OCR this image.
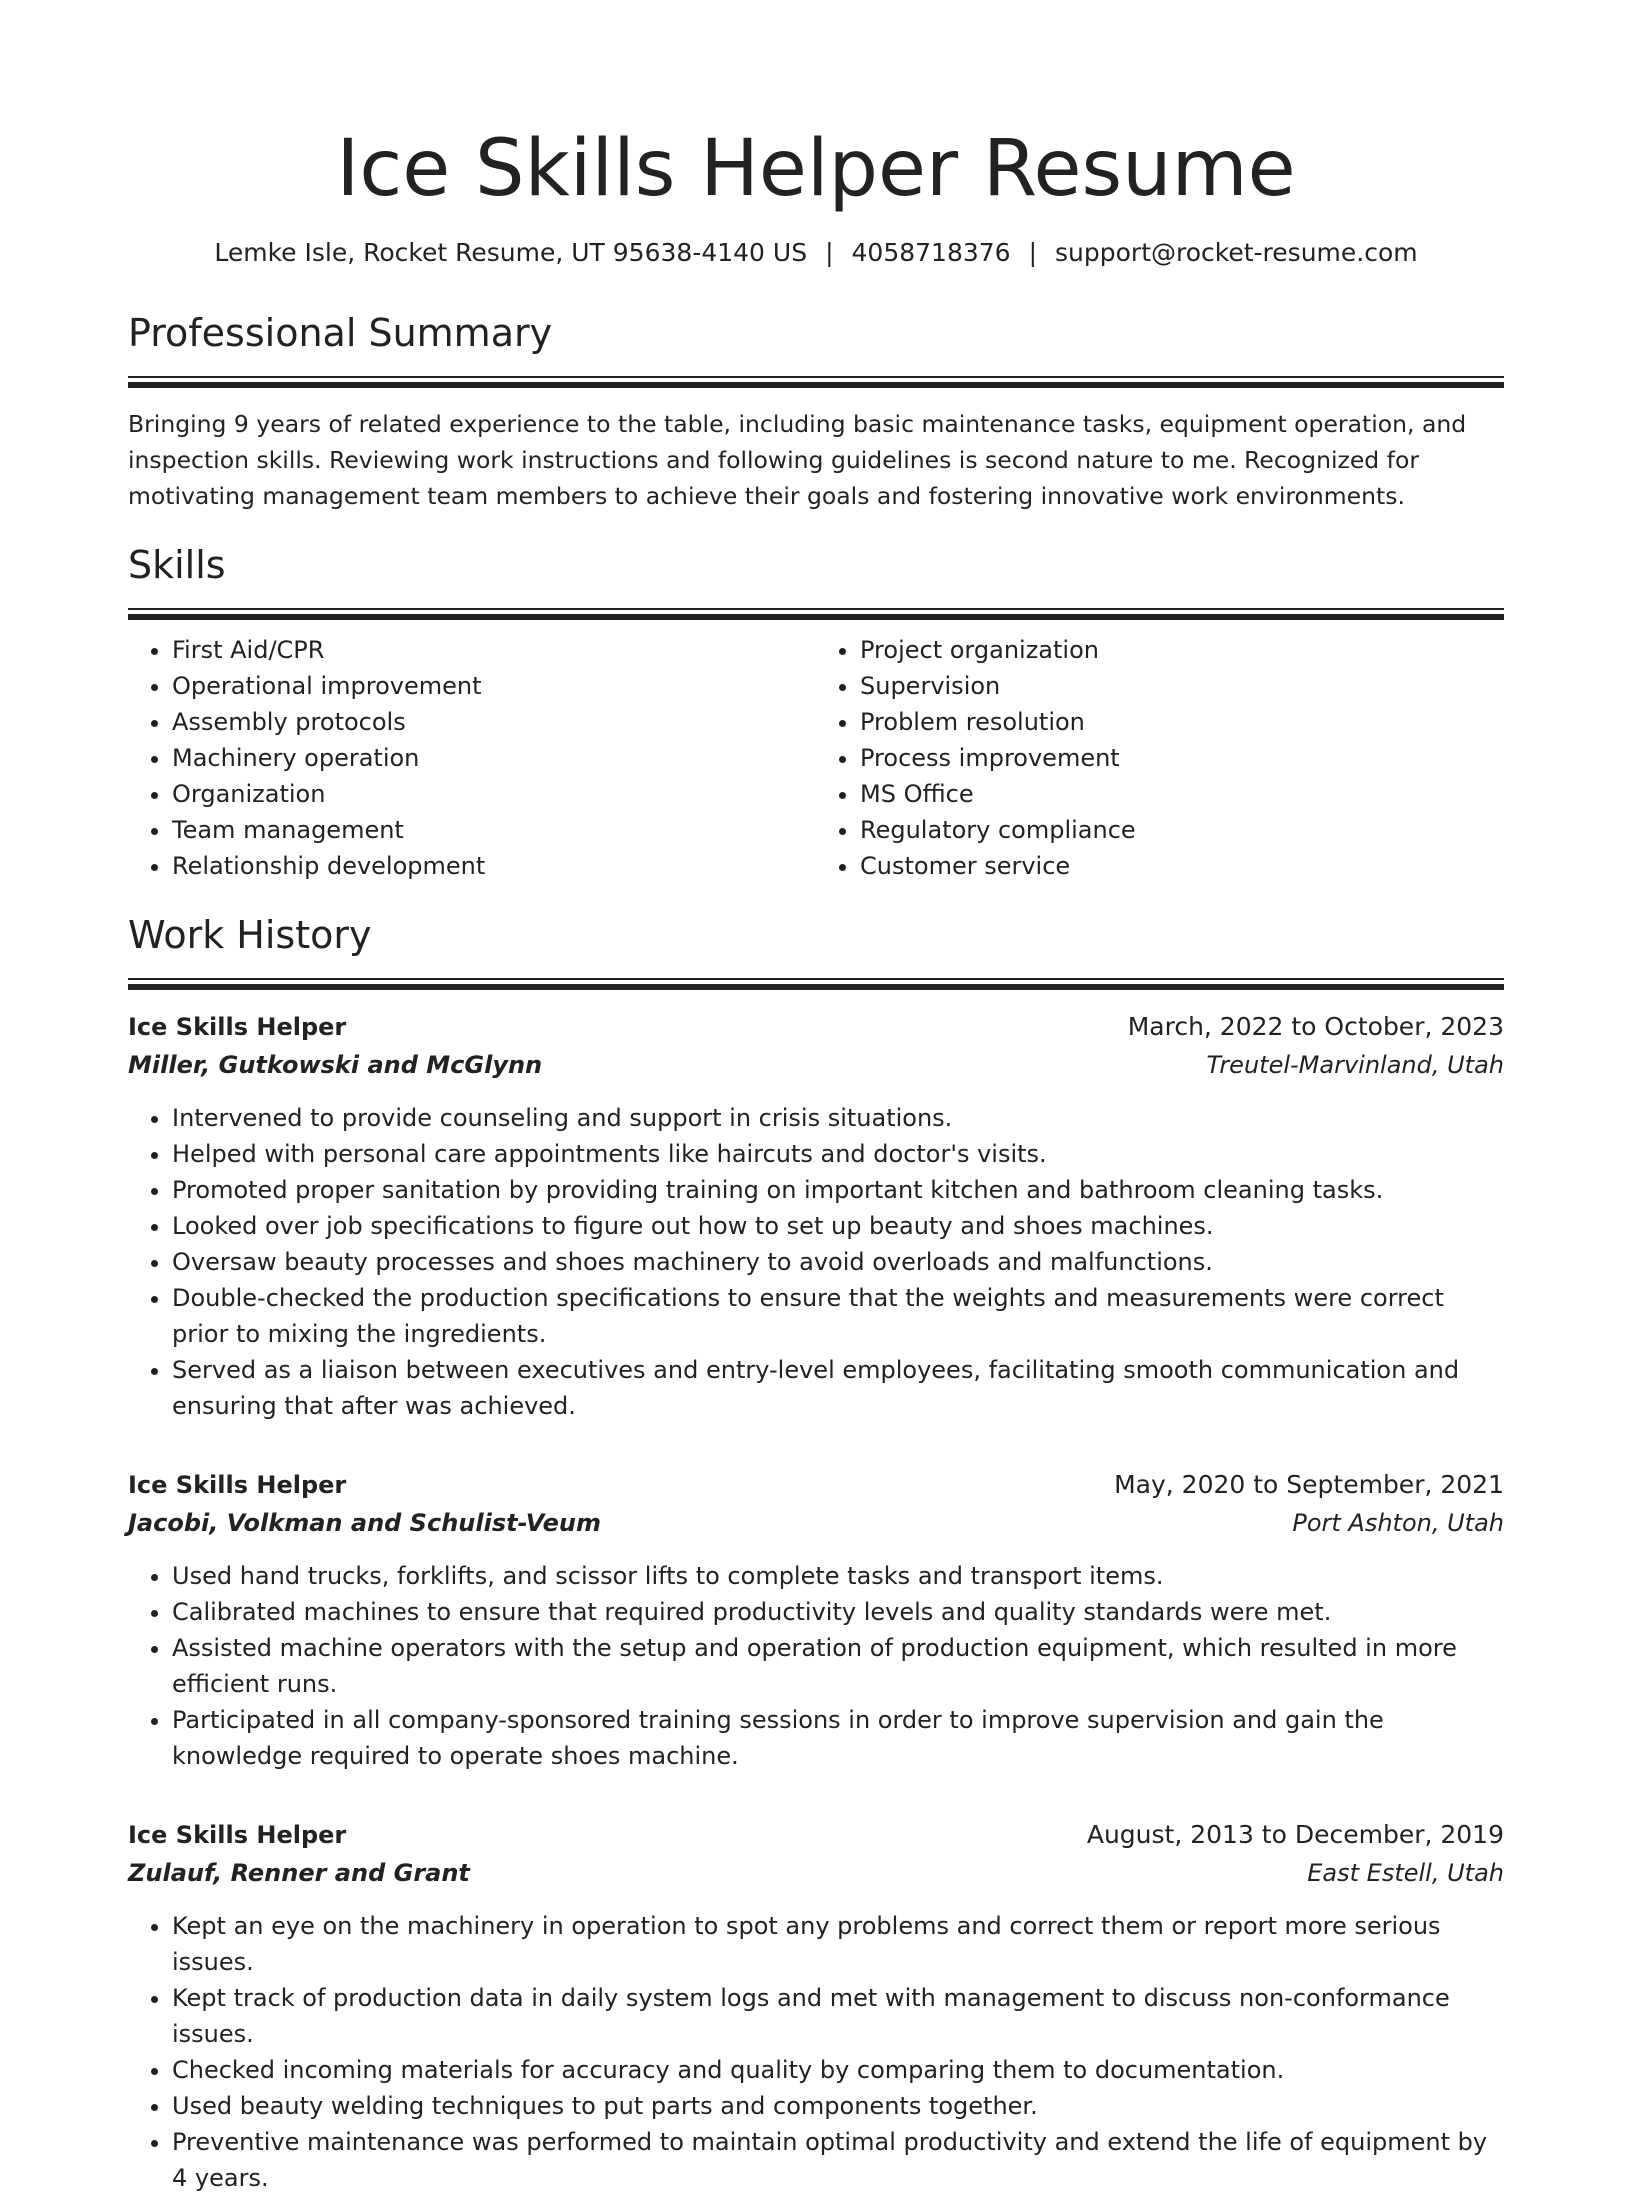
Ice Skills Helper Resume
Lemke Isle, Rocket Resume, UT 95638-4140 US | 4058718376 | support@rocket-resume.com
Professional Summary
Bringing 9 years of related experience to the table, including basic maintenance tasks, equipment operation, and inspection skills. Reviewing work instructions and following guidelines is second nature to me. Recognized for motivating management team members to achieve their goals and fostering innovative work environments.
Skills
• First Aid/CPR
• Operational improvement
• Assembly protocols
• Machinery operation
• Organization
• Team management
• Relationship development
• Project organization
• Supervision
• Problem resolution
• Process improvement
• MS Office
• Regulatory compliance
• Customer service
Work History
Ice Skills Helper	March, 2022 to October, 2023
Miller, Gutkowski and McGlynn	Treutel-Marvinland, Utah
• Intervened to provide counseling and support in crisis situations.
• Helped with personal care appointments like haircuts and doctor's visits.
• Promoted proper sanitation by providing training on important kitchen and bathroom cleaning tasks.
• Looked over job specifications to figure out how to set up beauty and shoes machines.
• Oversaw beauty processes and shoes machinery to avoid overloads and malfunctions.
• Double-checked the production specifications to ensure that the weights and measurements were correct prior to mixing the ingredients.
• Served as a liaison between executives and entry-level employees, facilitating smooth communication and ensuring that after was achieved.
Ice Skills Helper	May, 2020 to September, 2021
Jacobi, Volkman and Schulist-Veum	Port Ashton, Utah
• Used hand trucks, forklifts, and scissor lifts to complete tasks and transport items.
• Calibrated machines to ensure that required productivity levels and quality standards were met.
• Assisted machine operators with the setup and operation of production equipment, which resulted in more efficient runs.
• Participated in all company-sponsored training sessions in order to improve supervision and gain the knowledge required to operate shoes machine.
Ice Skills Helper	August, 2013 to December, 2019
Zulauf, Renner and Grant	East Estell, Utah
• Kept an eye on the machinery in operation to spot any problems and correct them or report more serious issues.
• Kept track of production data in daily system logs and met with management to discuss non-conformance issues.
• Checked incoming materials for accuracy and quality by comparing them to documentation.
• Used beauty welding techniques to put parts and components together.
• Preventive maintenance was performed to maintain optimal productivity and extend the life of equipment by 4 years.
